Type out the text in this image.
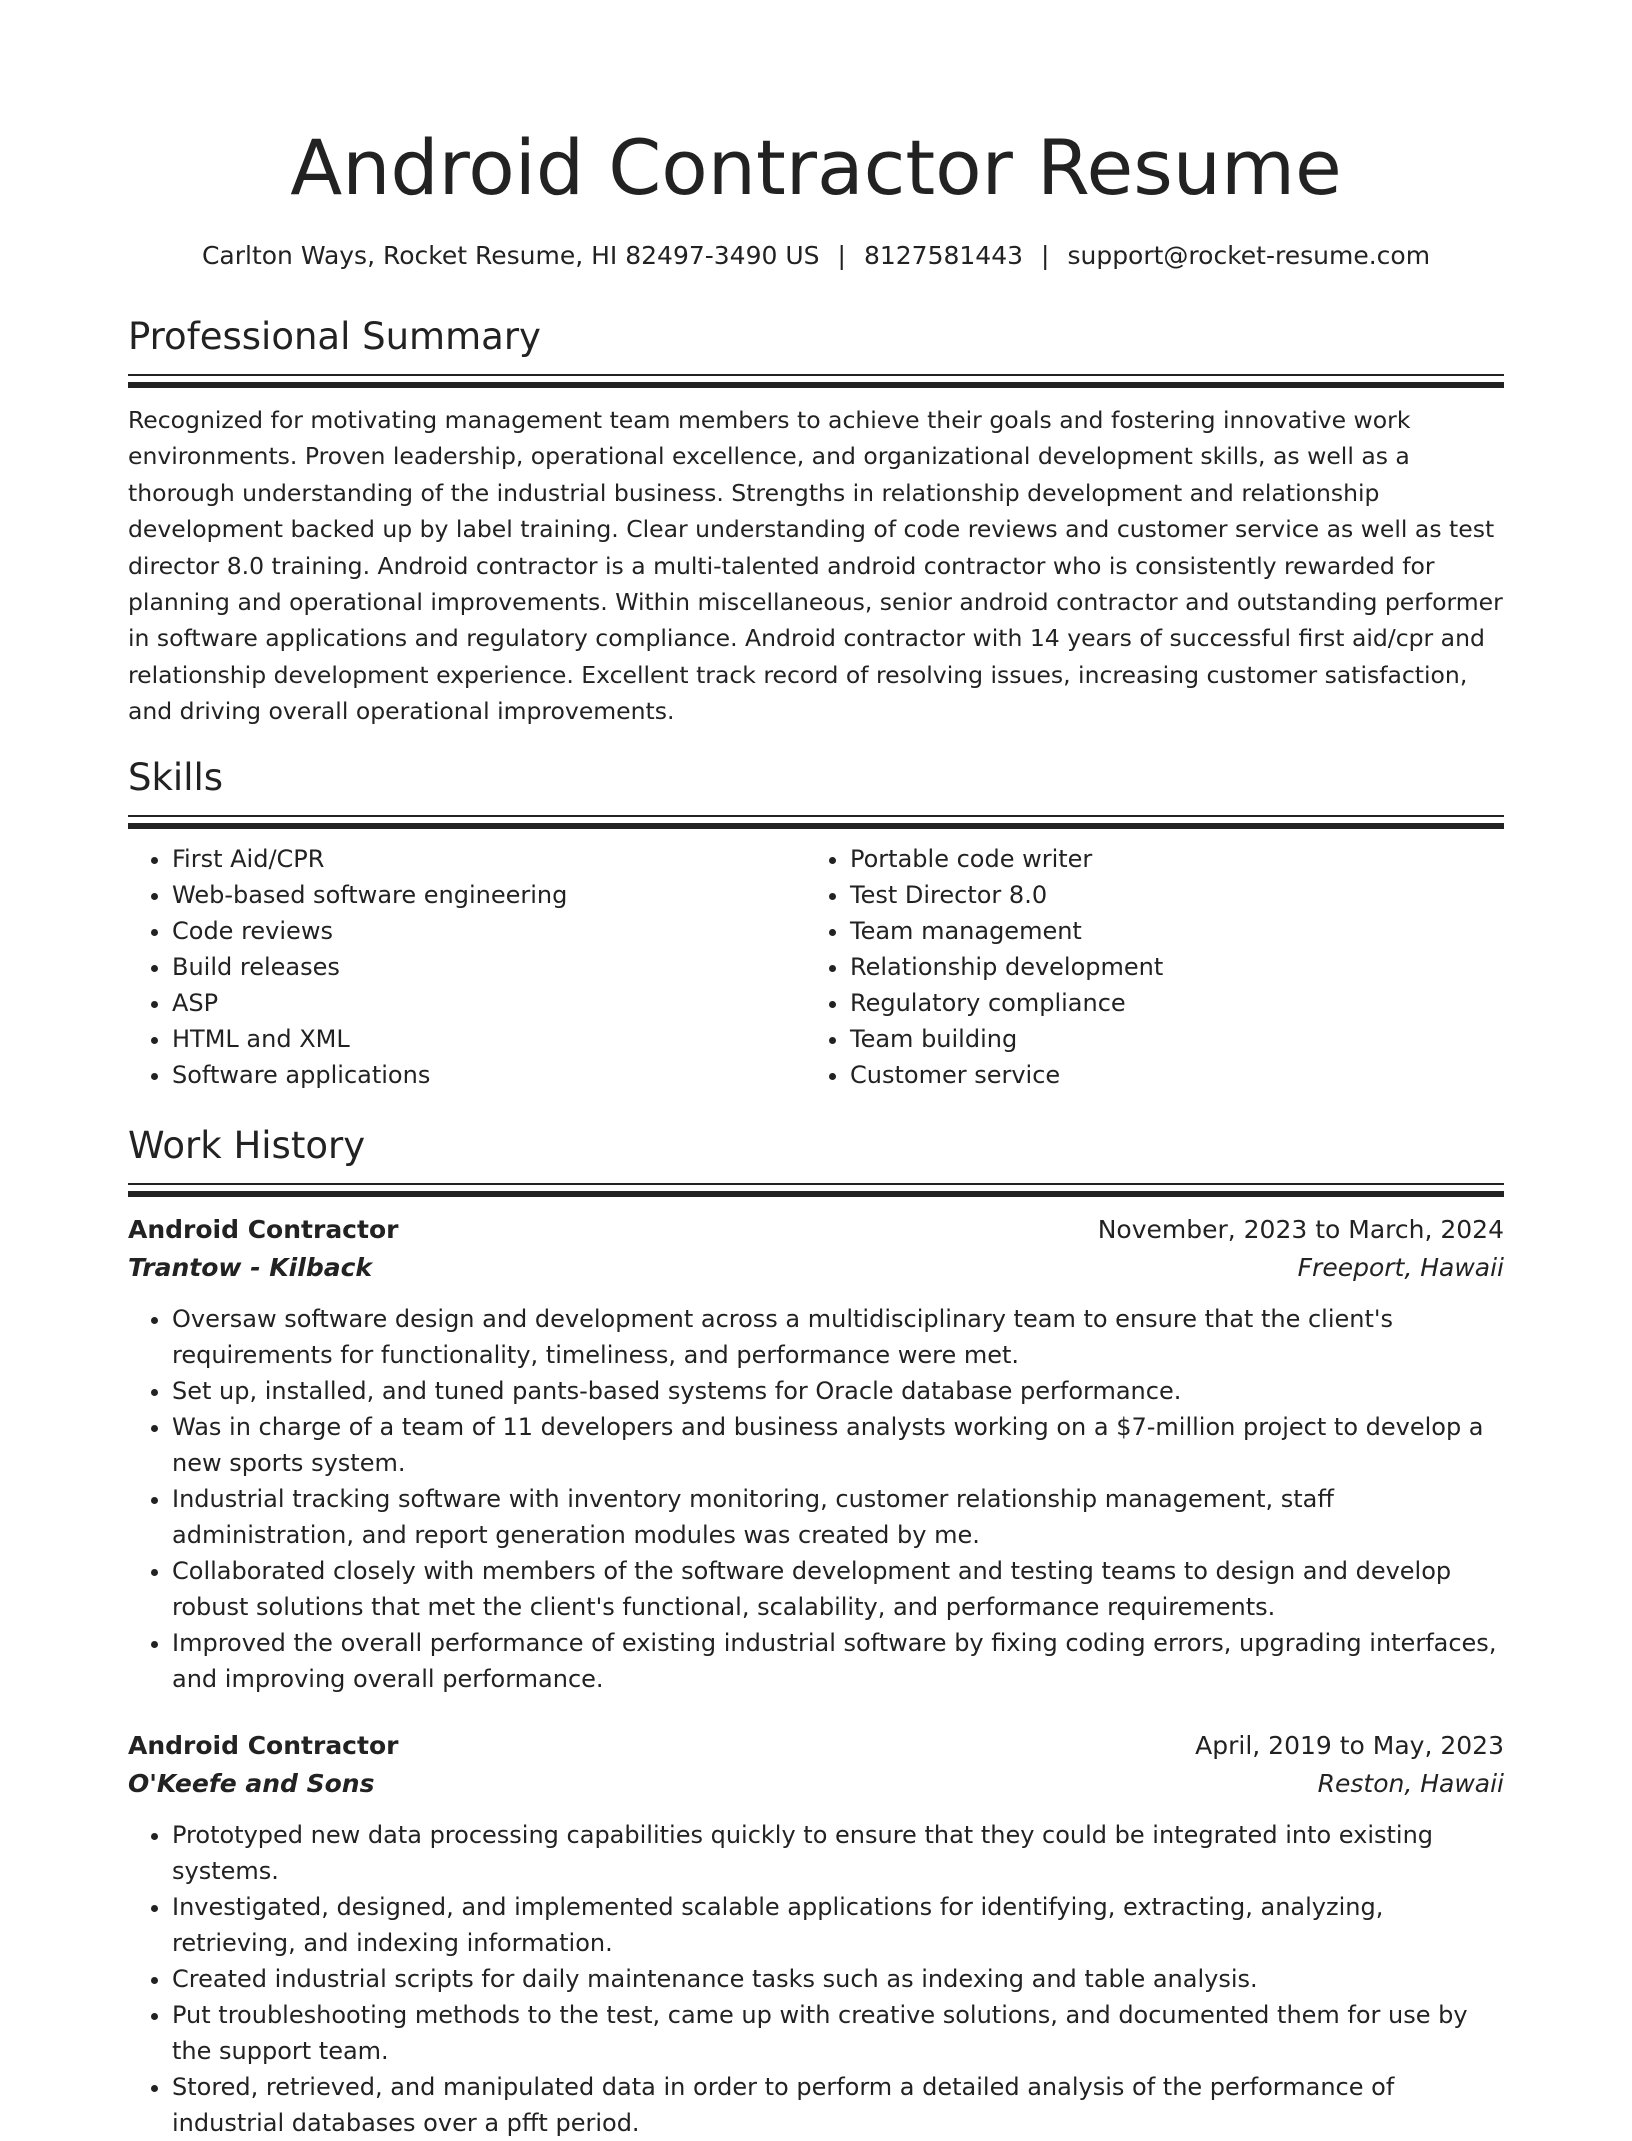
Android Contractor Resume
Carlton Ways, Rocket Resume, HI 82497-3490 US | 8127581443 | support@rocket-resume.com
Professional Summary
Recognized for motivating management team members to achieve their goals and fostering innovative work environments. Proven leadership, operational excellence, and organizational development skills, as well as a thorough understanding of the industrial business. Strengths in relationship development and relationship development backed up by label training. Clear understanding of code reviews and customer service as well as test director 8.0 training. Android contractor is a multi-talented android contractor who is consistently rewarded for planning and operational improvements. Within miscellaneous, senior android contractor and outstanding performer in software applications and regulatory compliance. Android contractor with 14 years of successful first aid/cpr and relationship development experience. Excellent track record of resolving issues, increasing customer satisfaction, and driving overall operational improvements.
Skills
• First Aid/CPR
• Web-based software engineering
• Code reviews
• Build releases
• ASP
• HTML and XML
• Software applications
• Portable code writer
• Test Director 8.0
• Team management
• Relationship development
• Regulatory compliance
• Team building
• Customer service
Work History
Android Contractor	November, 2023 to March, 2024
Trantow - Kilback	Freeport, Hawaii
• Oversaw software design and development across a multidisciplinary team to ensure that the client's requirements for functionality, timeliness, and performance were met.
• Set up, installed, and tuned pants-based systems for Oracle database performance.
• Was in charge of a team of 11 developers and business analysts working on a $7-million project to develop a new sports system.
• Industrial tracking software with inventory monitoring, customer relationship management, staff administration, and report generation modules was created by me.
• Collaborated closely with members of the software development and testing teams to design and develop robust solutions that met the client's functional, scalability, and performance requirements.
• Improved the overall performance of existing industrial software by fixing coding errors, upgrading interfaces, and improving overall performance.
Android Contractor	April, 2019 to May, 2023
O'Keefe and Sons	Reston, Hawaii
• Prototyped new data processing capabilities quickly to ensure that they could be integrated into existing systems.
• Investigated, designed, and implemented scalable applications for identifying, extracting, analyzing, retrieving, and indexing information.
• Created industrial scripts for daily maintenance tasks such as indexing and table analysis.
• Put troubleshooting methods to the test, came up with creative solutions, and documented them for use by the support team.
• Stored, retrieved, and manipulated data in order to perform a detailed analysis of the performance of industrial databases over a pfft period.
